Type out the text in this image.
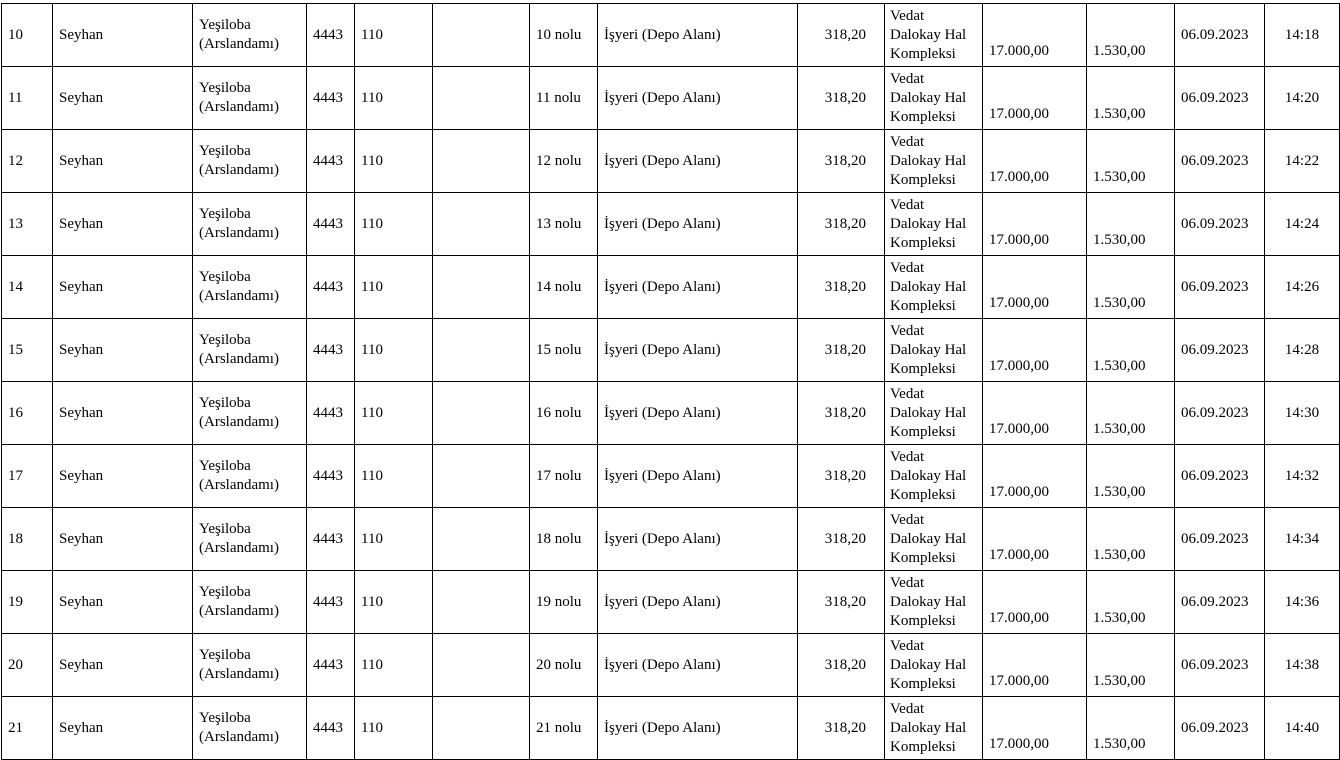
10	Seyhan	Yeşiloba (Arslandamı)	4443	110		10 nolu	İşyeri (Depo Alanı)	318,20	Vedat Dalokay Hal Kompleksi	17.000,00	1.530,00	06.09.2023	14:18
11	Seyhan	Yeşiloba (Arslandamı)	4443	110		11 nolu	İşyeri (Depo Alanı)	318,20	Vedat Dalokay Hal Kompleksi	17.000,00	1.530,00	06.09.2023	14:20
12	Seyhan	Yeşiloba (Arslandamı)	4443	110		12 nolu	İşyeri (Depo Alanı)	318,20	Vedat Dalokay Hal Kompleksi	17.000,00	1.530,00	06.09.2023	14:22
13	Seyhan	Yeşiloba (Arslandamı)	4443	110		13 nolu	İşyeri (Depo Alanı)	318,20	Vedat Dalokay Hal Kompleksi	17.000,00	1.530,00	06.09.2023	14:24
14	Seyhan	Yeşiloba (Arslandamı)	4443	110		14 nolu	İşyeri (Depo Alanı)	318,20	Vedat Dalokay Hal Kompleksi	17.000,00	1.530,00	06.09.2023	14:26
15	Seyhan	Yeşiloba (Arslandamı)	4443	110		15 nolu	İşyeri (Depo Alanı)	318,20	Vedat Dalokay Hal Kompleksi	17.000,00	1.530,00	06.09.2023	14:28
16	Seyhan	Yeşiloba (Arslandamı)	4443	110		16 nolu	İşyeri (Depo Alanı)	318,20	Vedat Dalokay Hal Kompleksi	17.000,00	1.530,00	06.09.2023	14:30
17	Seyhan	Yeşiloba (Arslandamı)	4443	110		17 nolu	İşyeri (Depo Alanı)	318,20	Vedat Dalokay Hal Kompleksi	17.000,00	1.530,00	06.09.2023	14:32
18	Seyhan	Yeşiloba (Arslandamı)	4443	110		18 nolu	İşyeri (Depo Alanı)	318,20	Vedat Dalokay Hal Kompleksi	17.000,00	1.530,00	06.09.2023	14:34
19	Seyhan	Yeşiloba (Arslandamı)	4443	110		19 nolu	İşyeri (Depo Alanı)	318,20	Vedat Dalokay Hal Kompleksi	17.000,00	1.530,00	06.09.2023	14:36
20	Seyhan	Yeşiloba (Arslandamı)	4443	110		20 nolu	İşyeri (Depo Alanı)	318,20	Vedat Dalokay Hal Kompleksi	17.000,00	1.530,00	06.09.2023	14:38
21	Seyhan	Yeşiloba (Arslandamı)	4443	110		21 nolu	İşyeri (Depo Alanı)	318,20	Vedat Dalokay Hal Kompleksi	17.000,00	1.530,00	06.09.2023	14:40
